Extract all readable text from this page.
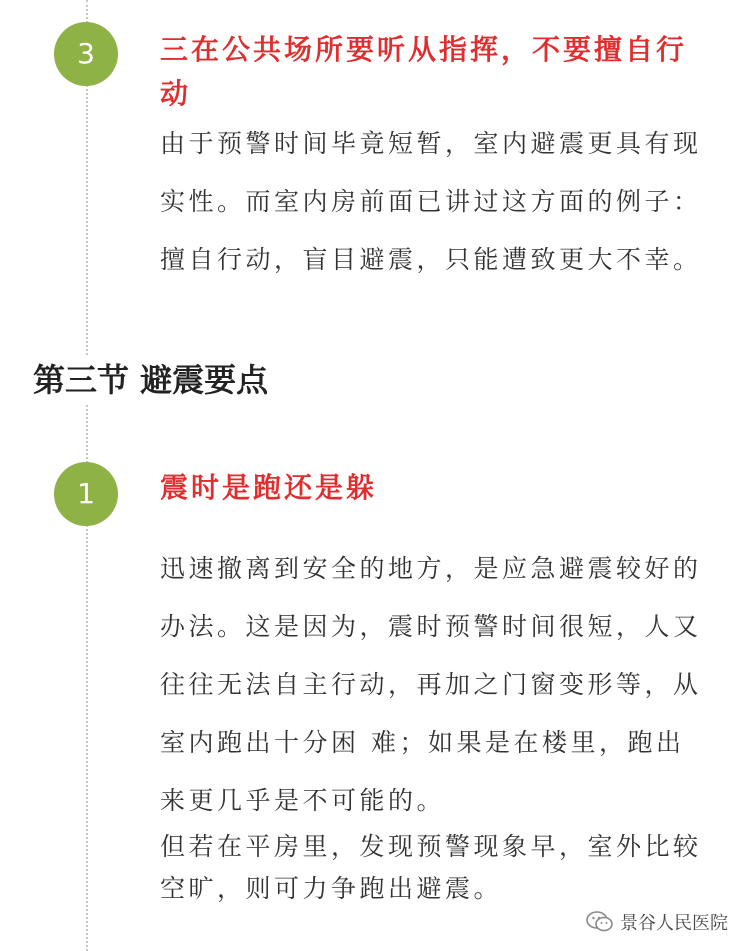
3	三在公共场所要听从指挥，不要擅自行动

由于预警时间毕竟短暂，室内避震更具有现实性。而室内房前面已讲过这方面的例子：擅自行动，盲目避震，只能遭致更大不幸。

第三节 避震要点
1	震时是跑还是躲

迅速撤离到安全的地方，是应急避震较好的办法。这是因为，震时预警时间很短，人又往往无法自主行动，再加之门窗变形等，从室内跑出十分困 难；如果是在楼里，跑出来更几乎是不可能的。

但若在平房里，发现预警现象早，室外比较空旷，则可力争跑出避震。

景谷人民医院
